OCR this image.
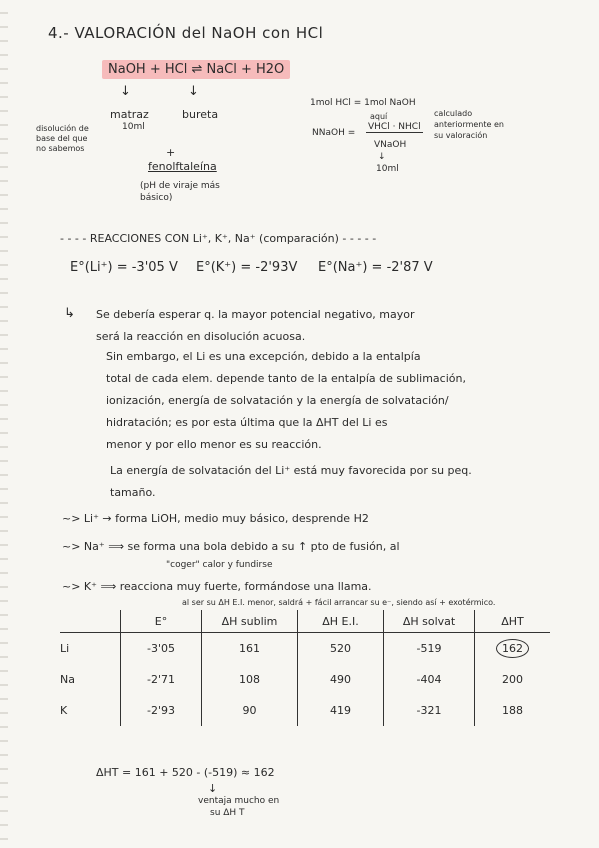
4.- VALORACIÓN del NaOH con HCl
NaOH + HCl ⇌ NaCl + H2O
↓	↓
matraz
10ml
disolución de base del que no sabemos
bureta
+
fenolftaleína
(pH de viraje más básico)
1mol HCl = 1mol NaOH
aquí
NNaOH =
VHCl · NHCl
VNaOH
↓
10ml
calculado anteriormente en su valoración
- - - - REACCIONES CON Li⁺, K⁺, Na⁺ (comparación) - - - - -
E°(Li⁺) = -3'05 V E°(K⁺) = -2'93V E°(Na⁺) = -2'87 V
↳ Se debería esperar q. la mayor potencial negativo, mayor
será la reacción en disolución acuosa.
Sin embargo, el Li es una excepción, debido a la entalpía
total de cada elem. depende tanto de la entalpía de sublimación,
ionización, energía de solvatación y la energía de solvatación/
hidratación; es por esta última que la ΔHT del Li es
menor y por ello menor es su reacción.
La energía de solvatación del Li⁺ está muy favorecida por su peq.
tamaño.
~> Li⁺ → forma LiOH, medio muy básico, desprende H2
~> Na⁺ ⟹ se forma una bola debido a su ↑ pto de fusión, al
"coger" calor y fundirse
~> K⁺ ⟹ reacciona muy fuerte, formándose una llama.
al ser su ΔH E.I. menor, saldrá + fácil arrancar su e⁻, siendo así + exotérmico.
	E°	ΔH sublim	ΔH E.I.	ΔH solvat	ΔHT
Li	-3'05	161	520	-519	162
Na	-2'71	108	490	-404	200
K	-2'93	90	419	-321	188
ΔHT = 161 + 520 - (-519) ≈ 162
↓
ventaja mucho en
su ΔH T
